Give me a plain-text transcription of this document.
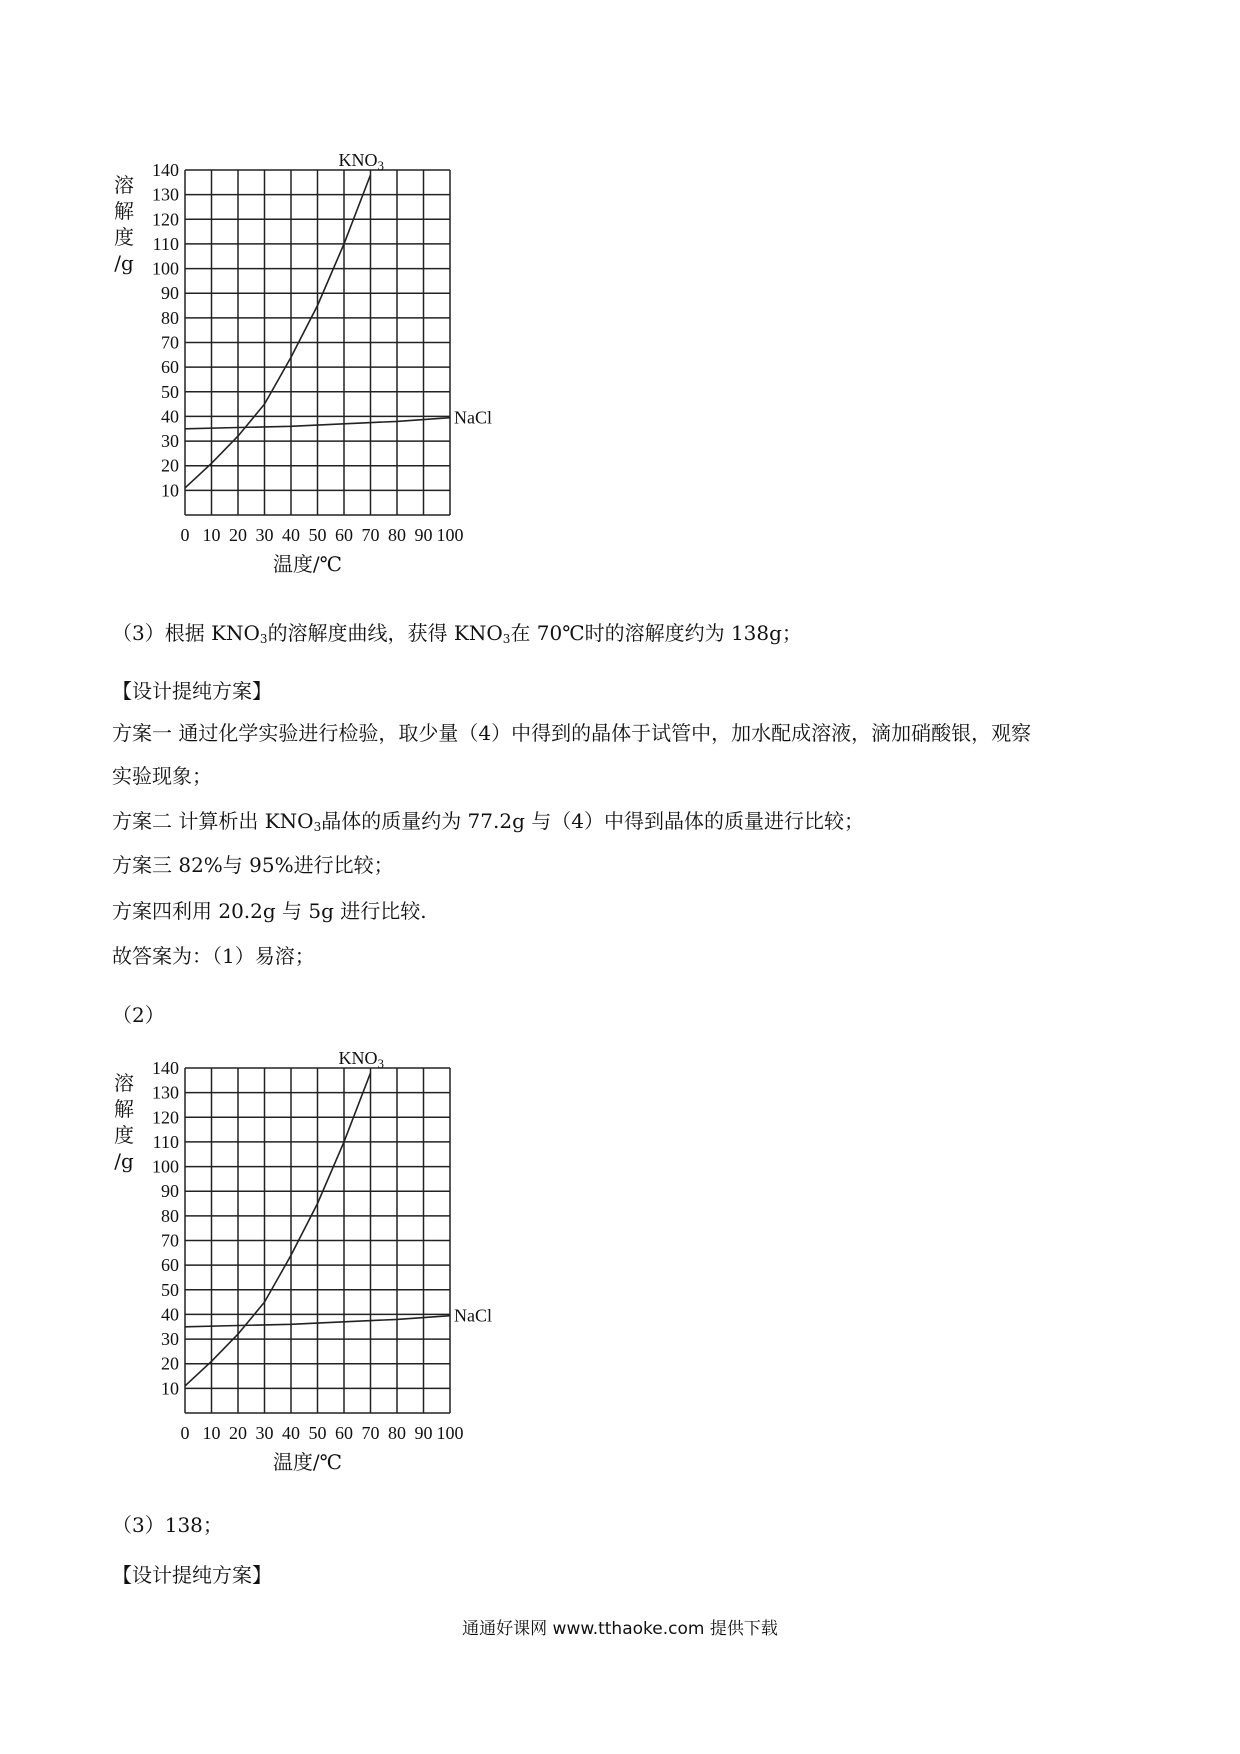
10
20
30
40
50
60
70
80
90
100
110
120
130
140
0 10 20 30 40 50 60 70 80 90 100
溶
解
度
/g
温度/℃
$KNO_3$
NaCl
（3）根据 $KNO_3$的溶解度曲线，获得 $KNO_3$在 70℃时的溶解度约为 138g；
【设计提纯方案】
方案一 通过化学实验进行检验，取少量（4）中得到的晶体于试管中，加水配成溶液，滴加硝酸银，观察
实验现象；
方案二 计算析出 $KNO_3$晶体的质量约为 77.2g 与（4）中得到晶体的质量进行比较；
方案三 82%与 95%进行比较；
方案四利用 20.2g 与 5g 进行比较.
故答案为：（1）易溶；
（2）
10
20
30
40
50
60
70
80
90
100
110
120
130
140
0 10 20 30 40 50 60 70 80 90 100
溶
解
度
/g
温度/℃
$KNO_3$
NaCl
（3）138；
【设计提纯方案】
通通好课网 www.tthaoke.com 提供下载
